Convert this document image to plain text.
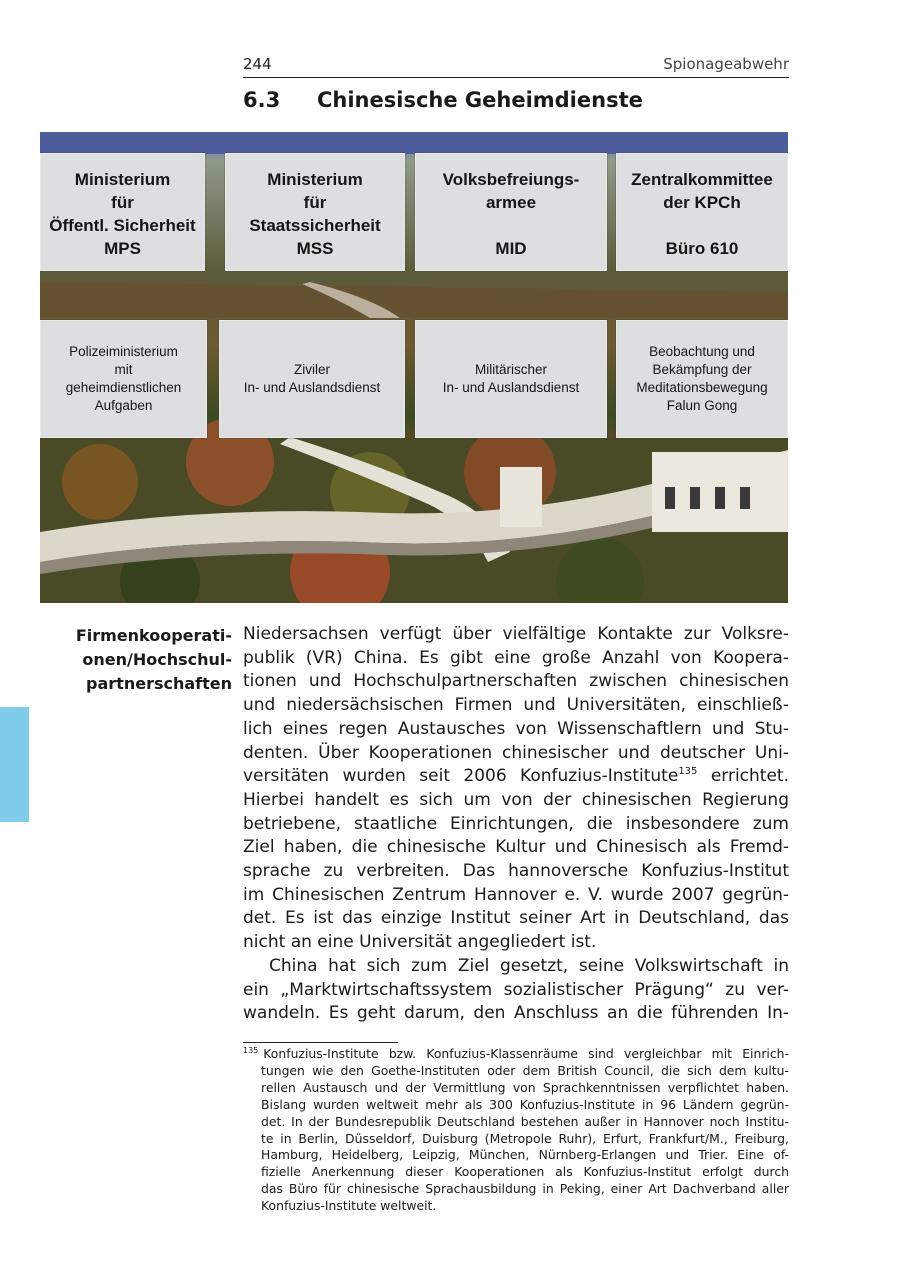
244	Spionageabwehr
6.3 Chinesische Geheimdienste
Ministerium
für
Öffentl. Sicherheit
MPS
Ministerium
für
Staatssicherheit
MSS
Volksbefreiungs-
armee
MID
Zentralkommittee
der KPCh
Büro 610
Polizeiministerium
mit
geheimdienstlichen
Aufgaben
Ziviler
In- und Auslandsdienst
Militärischer
In- und Auslandsdienst
Beobachtung und
Bekämpfung der
Meditationsbewegung
Falun Gong
Firmenkooperati-
onen/Hochschul-
partnerschaften
Niedersachsen verfügt über vielfältige Kontakte zur Volksre-
publik (VR) China. Es gibt eine große Anzahl von Koopera-
tionen und Hochschulpartnerschaften zwischen chinesischen
und niedersächsischen Firmen und Universitäten, einschließ-
lich eines regen Austausches von Wissenschaftlern und Stu-
denten. Über Kooperationen chinesischer und deutscher Uni-
versitäten wurden seit 2006 Konfuzius-Institute$^{135}$ errichtet.
Hierbei handelt es sich um von der chinesischen Regierung
betriebene, staatliche Einrichtungen, die insbesondere zum
Ziel haben, die chinesische Kultur und Chinesisch als Fremd-
sprache zu verbreiten. Das hannoversche Konfuzius-Institut
im Chinesischen Zentrum Hannover e. V. wurde 2007 gegrün-
det. Es ist das einzige Institut seiner Art in Deutschland, das
nicht an eine Universität angegliedert ist.
China hat sich zum Ziel gesetzt, seine Volkswirtschaft in
ein „Marktwirtschaftssystem sozialistischer Prägung“ zu ver-
wandeln. Es geht darum, den Anschluss an die führenden In-
$^{135}$ Konfuzius-Institute bzw. Konfuzius-Klassenräume sind vergleichbar mit Einrich-
tungen wie den Goethe-Instituten oder dem British Council, die sich dem kultu-
rellen Austausch und der Vermittlung von Sprachkenntnissen verpflichtet haben.
Bislang wurden weltweit mehr als 300 Konfuzius-Institute in 96 Ländern gegrün-
det. In der Bundesrepublik Deutschland bestehen außer in Hannover noch Institu-
te in Berlin, Düsseldorf, Duisburg (Metropole Ruhr), Erfurt, Frankfurt/M., Freiburg,
Hamburg, Heidelberg, Leipzig, München, Nürnberg-Erlangen und Trier. Eine of-
fizielle Anerkennung dieser Kooperationen als Konfuzius-Institut erfolgt durch
das Büro für chinesische Sprachausbildung in Peking, einer Art Dachverband aller
Konfuzius-Institute weltweit.
